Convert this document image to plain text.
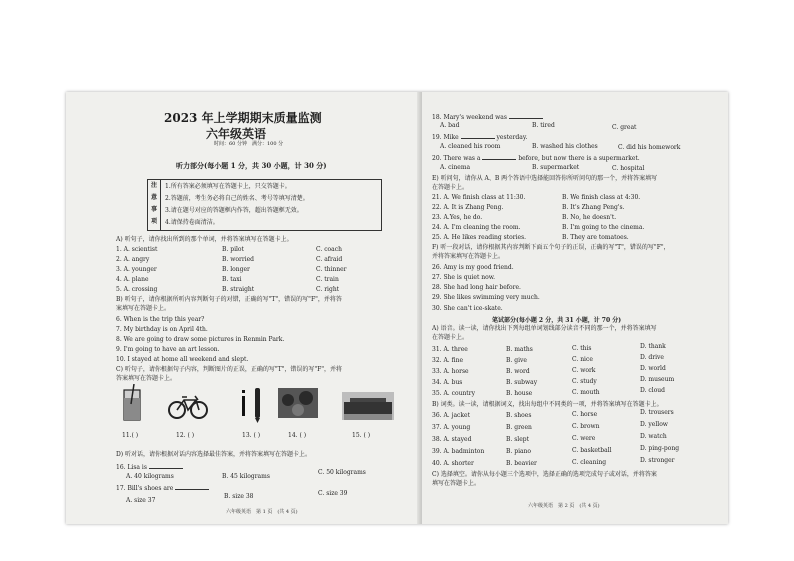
2023 年上学期期末质量监测
六年级英语
时间：60 分钟　满分：100 分
听力部分(每小题 1 分，共 30 小题，计 30 分)
注
意
事
项
1.所有答案必须填写在答题卡上，只交答题卡。
2.答题前，考生务必将自己的姓名、考号等填写清楚。
3.请在题号对应的答题框内作答，超出答题框无效。
4.请保持卷面清洁。
A) 听句子，请你找出所到的那个单词，并将答案填写在答题卡上。
1. A. scientist	B. pilot	C. coach
2. A. angry	B. worried	C. afraid
3. A. younger	B. longer	C. thinner
4. A. plane	B. taxi	C. train
5. A. crossing	B. straight	C. right
B) 听句子，请你根据所听内容判断句子的对错，正确的写"T"，错误的写"F"，并将答
案填写在答题卡上。
6. When is the trip this year?
7. My birthday is on April 4th.
8. We are going to draw some pictures in Renmin Park.
9. I'm going to have an art lesson.
10. I stayed at home all weekend and slept.
C) 听句子，请你根据句子内容，判断图片的正误，正确的写"T"，错误的写"F"，并将
答案填写在答题卡上。
11.( )	12. ( )	13. ( )	14. ( )	15. ( )
D) 听对话，请你根据对话内容选择最佳答案，并将答案填写在答题卡上。
16. Lisa is
A. 40 kilograms	B. 45 kilograms
C. 50 kilograms
17. Bill's shoes are
A. size 37
B. size 38	C. size 39
六年级英语　第 1 页　(共 4 页)
18. Mary's weekend was
A. bad	B. tired	C. great
19. Mike	yesterday.
A. cleaned his room	B. washed his clothes	C. did his homework
20. There was a	before, but now there is a supermarket.
A. cinema	B. supermarket	C. hospital
E) 听问句，请你从 A、B 两个答语中选择能回答你所听问句的那一个，并将答案填写
在答题卡上。
21. A. We finish class at 11:30.	B. We finish class at 4:30.
22. A. It is Zhang Peng.	B. It's Zhang Peng's.
23. A.Yes, he do.	B. No, he doesn't.
24. A. I'm cleaning the room.	B. I'm going to the cinema.
25. A. He likes reading stories.	B. They are tomatoes.
F) 听一段对话，请你根据其内容判断下面五个句子的正误，正确的写"T"，错误的写"F"，
并将答案填写在答题卡上。
26. Amy is my good friend.
27. She is quiet now.
28. She had long hair before.
29. She likes swimming very much.
30. She can't ice-skate.
笔试部分(每小题 2 分，共 31 小题，计 70 分)
A) 语音。读一读，请你找出下列每组单词划线部分读音不同的那一个，并将答案填写
在答题卡上。
31. A. three	B. maths	C. this	D. thank
32. A. fine	B. give	C. nice	D. drive
33. A. horse	B. word	C. work	D. world
34. A. bus	B. subway	C. study	D. museum
35. A. country	B. house	C. mouth	D. cloud
B) 词类。读一读，请根据词义，找出每组中不同类的一项，并将答案填写在答题卡上。
36. A. jacket	B. shoes	C. horse	D. trousers
37. A. young	B. green	C. brown	D. yellow
38. A. stayed	B. slept	C. were	D. watch
39. A. badminton	B. piano	C. basketball	D. ping-pong
40. A. shorter	B. beavier	C. cleaning	D. stronger
C) 选择填空。请你从每小题三个选项中，选择正确的选项完成句子或对话，并将答案
填写在答题卡上。
六年级英语　第 2 页　(共 4 页)
